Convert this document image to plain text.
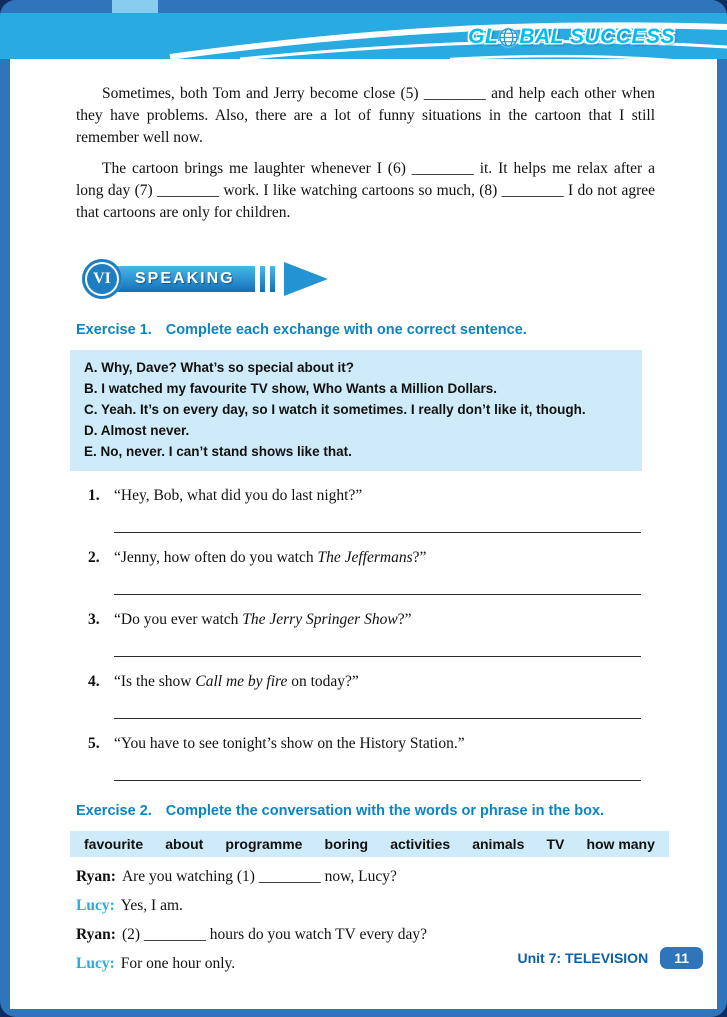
GL BAL SUCCESS

Sometimes, both Tom and Jerry become close (5) ________ and help each other when they have problems. Also, there are a lot of funny situations in the cartoon that I still remember well now.

The cartoon brings me laughter whenever I (6) ________ it. It helps me relax after a long day (7) ________ work. I like watching cartoons so much, (8) ________ I do not agree that cartoons are only for children.

VI	SPEAKING
Exercise 1. Complete each exchange with one correct sentence.
A. Why, Dave? What’s so special about it?
B. I watched my favourite TV show, Who Wants a Million Dollars.
C. Yeah. It’s on every day, so I watch it sometimes. I really don’t like it, though.
D. Almost never.
E. No, never. I can’t stand shows like that.
1. “Hey, Bob, what did you do last night?”
2. “Jenny, how often do you watch The Jeffermans?”
3. “Do you ever watch The Jerry Springer Show?”
4. “Is the show Call me by fire on today?”
5. “You have to see tonight’s show on the History Station.”
Exercise 2. Complete the conversation with the words or phrase in the box.
favourite about programme boring activities animals TV how many
Ryan: Are you watching (1) ________ now, Lucy?
Lucy: Yes, I am.
Ryan: (2) ________ hours do you watch TV every day?
Lucy: For one hour only.	Unit 7: TELEVISION	11
